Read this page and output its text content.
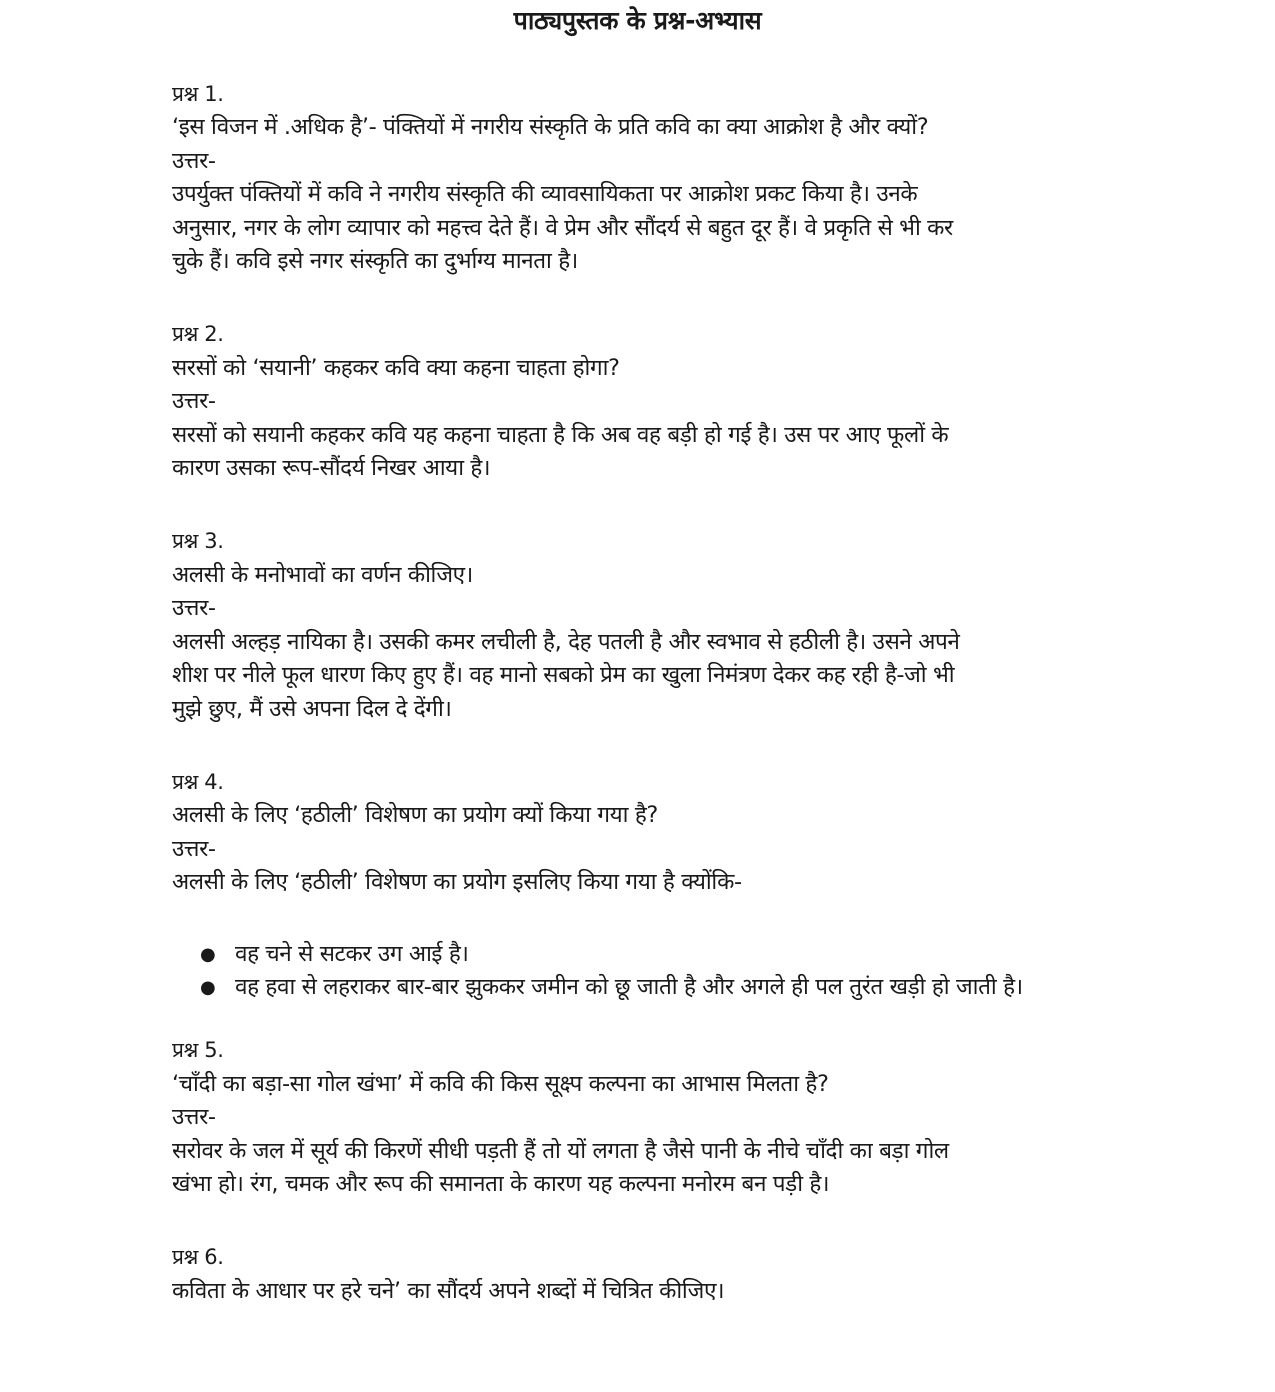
पाठ्यपुस्तक के प्रश्न-अभ्यास

प्रश्न 1.

‘इस विजन में .अधिक है’- पंक्तियों में नगरीय संस्कृति के प्रति कवि का क्या आक्रोश है और क्यों?

उत्तर-

उपर्युक्त पंक्तियों में कवि ने नगरीय संस्कृति की व्यावसायिकता पर आक्रोश प्रकट किया है। उनके

अनुसार, नगर के लोग व्यापार को महत्त्व देते हैं। वे प्रेम और सौंदर्य से बहुत दूर हैं। वे प्रकृति से भी कर

चुके हैं। कवि इसे नगर संस्कृति का दुर्भाग्य मानता है।

प्रश्न 2.

सरसों को ‘सयानी’ कहकर कवि क्या कहना चाहता होगा?

उत्तर-

सरसों को सयानी कहकर कवि यह कहना चाहता है कि अब वह बड़ी हो गई है। उस पर आए फूलों के

कारण उसका रूप-सौंदर्य निखर आया है।

प्रश्न 3.

अलसी के मनोभावों का वर्णन कीजिए।

उत्तर-

अलसी अल्हड़ नायिका है। उसकी कमर लचीली है, देह पतली है और स्वभाव से हठीली है। उसने अपने

शीश पर नीले फूल धारण किए हुए हैं। वह मानो सबको प्रेम का खुला निमंत्रण देकर कह रही है-जो भी

मुझे छुए, मैं उसे अपना दिल दे देंगी।

प्रश्न 4.

अलसी के लिए ‘हठीली’ विशेषण का प्रयोग क्यों किया गया है?

उत्तर-

अलसी के लिए ‘हठीली’ विशेषण का प्रयोग इसलिए किया गया है क्योंकि-

● वह चने से सटकर उग आई है।
● वह हवा से लहराकर बार-बार झुककर जमीन को छू जाती है और अगले ही पल तुरंत खड़ी हो जाती है।

प्रश्न 5.

‘चाँदी का बड़ा-सा गोल खंभा’ में कवि की किस सूक्ष्प कल्पना का आभास मिलता है?

उत्तर-

सरोवर के जल में सूर्य की किरणें सीधी पड़ती हैं तो यों लगता है जैसे पानी के नीचे चाँदी का बड़ा गोल

खंभा हो। रंग, चमक और रूप की समानता के कारण यह कल्पना मनोरम बन पड़ी है।

प्रश्न 6.

कविता के आधार पर हरे चने’ का सौंदर्य अपने शब्दों में चित्रित कीजिए।
